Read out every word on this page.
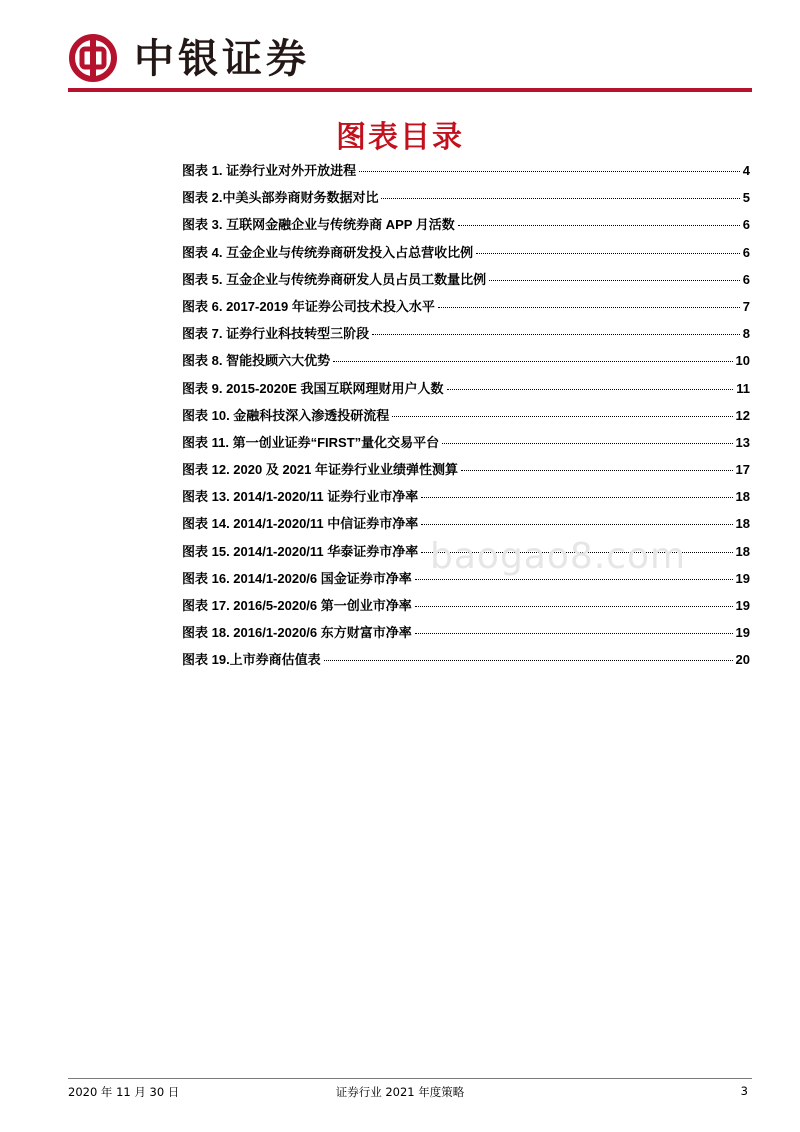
中银证券
图表目录
图表 1. 证券行业对外开放进程	4
图表 2.中美头部券商财务数据对比	5
图表 3. 互联网金融企业与传统券商 APP 月活数	6
图表 4. 互金企业与传统券商研发投入占总营收比例	6
图表 5. 互金企业与传统券商研发人员占员工数量比例	6
图表 6. 2017-2019 年证券公司技术投入水平	7
图表 7. 证券行业科技转型三阶段	8
图表 8. 智能投顾六大优势	10
图表 9. 2015-2020E 我国互联网理财用户人数	11
图表 10. 金融科技深入渗透投研流程	12
图表 11. 第一创业证券“FIRST”量化交易平台	13
图表 12. 2020 及 2021 年证券行业业绩弹性测算	17
图表 13. 2014/1-2020/11 证券行业市净率	18
图表 14. 2014/1-2020/11 中信证券市净率	18
图表 15. 2014/1-2020/11 华泰证券市净率	18
图表 16. 2014/1-2020/6 国金证券市净率	19
图表 17. 2016/5-2020/6 第一创业市净率	19
图表 18. 2016/1-2020/6 东方财富市净率	19
图表 19.上市券商估值表	20
baogao8.com
2020 年 11 月 30 日	证券行业 2021 年度策略	3
